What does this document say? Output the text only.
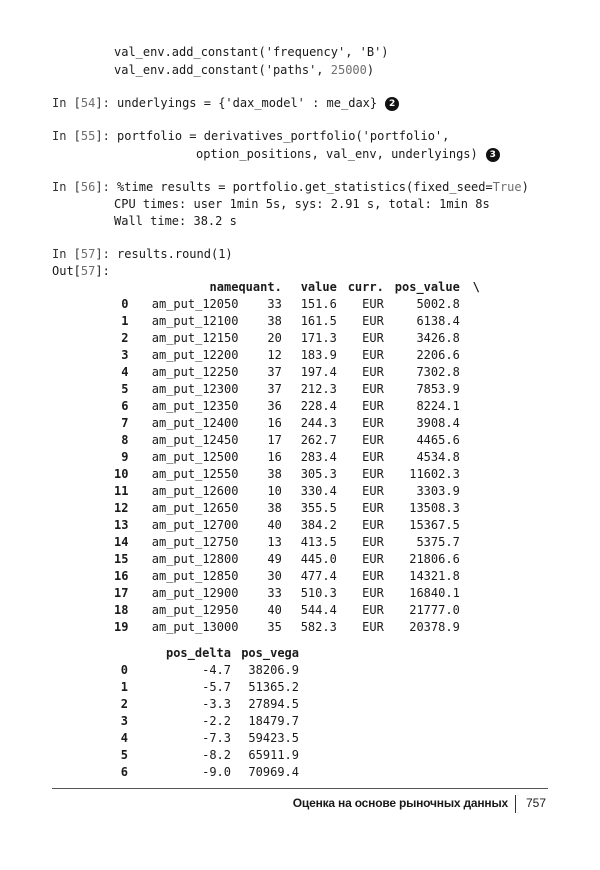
val_env.add_constant('frequency', 'B')
val_env.add_constant('paths', 25000)
In [54]: underlyings = {'dax_model' : me_dax} 2
In [55]: portfolio = derivatives_portfolio('portfolio',
option_positions, val_env, underlyings) 3
In [56]: %time results = portfolio.get_statistics(fixed_seed=True)
CPU times: user 1min 5s, sys: 2.91 s, total: 1min 8s
Wall time: 38.2 s
In [57]: results.round(1)
Out[57]:
	name	quant.	value	curr.	pos_value	\
0	am_put_12050	33	151.6	EUR	5002.8	
1	am_put_12100	38	161.5	EUR	6138.4	
2	am_put_12150	20	171.3	EUR	3426.8	
3	am_put_12200	12	183.9	EUR	2206.6	
4	am_put_12250	37	197.4	EUR	7302.8	
5	am_put_12300	37	212.3	EUR	7853.9	
6	am_put_12350	36	228.4	EUR	8224.1	
7	am_put_12400	16	244.3	EUR	3908.4	
8	am_put_12450	17	262.7	EUR	4465.6	
9	am_put_12500	16	283.4	EUR	4534.8	
10	am_put_12550	38	305.3	EUR	11602.3	
11	am_put_12600	10	330.4	EUR	3303.9	
12	am_put_12650	38	355.5	EUR	13508.3	
13	am_put_12700	40	384.2	EUR	15367.5	
14	am_put_12750	13	413.5	EUR	5375.7	
15	am_put_12800	49	445.0	EUR	21806.6	
16	am_put_12850	30	477.4	EUR	14321.8	
17	am_put_12900	33	510.3	EUR	16840.1	
18	am_put_12950	40	544.4	EUR	21777.0	
19	am_put_13000	35	582.3	EUR	20378.9	
	pos_delta	pos_vega
0	-4.7	38206.9
1	-5.7	51365.2
2	-3.3	27894.5
3	-2.2	18479.7
4	-7.3	59423.5
5	-8.2	65911.9
6	-9.0	70969.4
Оценка на основе рыночных данных 757
